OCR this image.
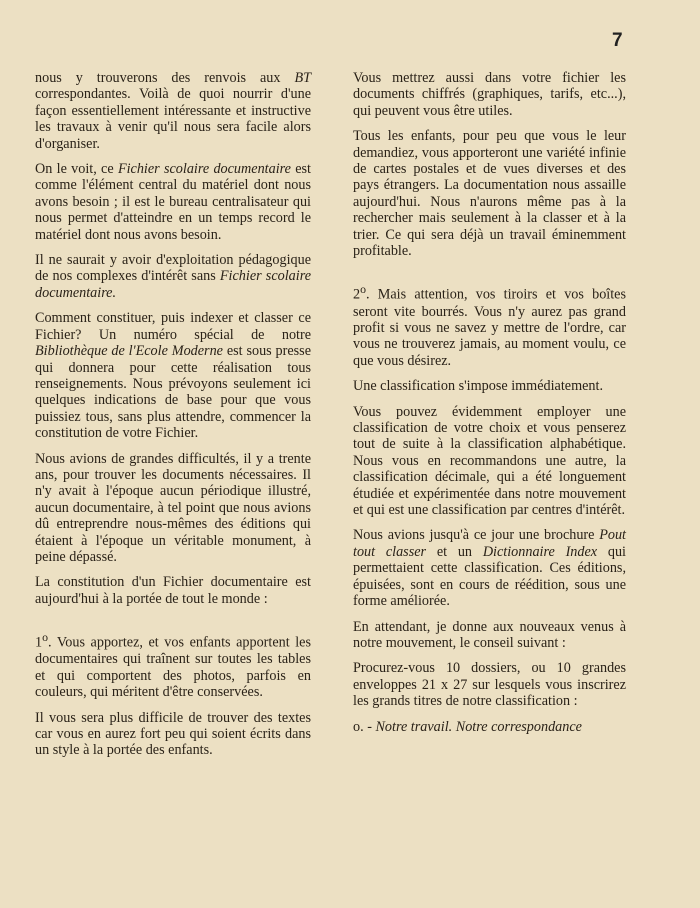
7

nous y trouverons des renvois aux BT correspondantes. Voilà de quoi nourrir d'une façon essentiellement intéressante et instructive les travaux à venir qu'il nous sera facile alors d'organiser.

On le voit, ce Fichier scolaire documentaire est comme l'élément central du matériel dont nous avons besoin ; il est le bureau centralisateur qui nous permet d'atteindre en un temps record le matériel dont nous avons besoin.

Il ne saurait y avoir d'exploitation pédagogique de nos complexes d'intérêt sans Fichier scolaire documentaire.

Comment constituer, puis indexer et classer ce Fichier? Un numéro spécial de notre Bibliothèque de l'Ecole Moderne est sous presse qui donnera pour cette réalisation tous renseignements. Nous prévoyons seulement ici quelques indications de base pour que vous puissiez tous, sans plus attendre, commencer la constitution de votre Fichier.

Nous avions de grandes difficultés, il y a trente ans, pour trouver les documents nécessaires. Il n'y avait à l'époque aucun périodique illustré, aucun documentaire, à tel point que nous avions dû entreprendre nous-mêmes des éditions qui étaient à l'époque un véritable monument, à peine dépassé.

La constitution d'un Fichier documentaire est aujourd'hui à la portée de tout le monde :

1$^o$. Vous apportez, et vos enfants apportent les documentaires qui traînent sur toutes les tables et qui comportent des photos, parfois en couleurs, qui méritent d'être conservées.

Il vous sera plus difficile de trouver des textes car vous en aurez fort peu qui soient écrits dans un style à la portée des enfants.

Vous mettrez aussi dans votre fichier les documents chiffrés (graphiques, tarifs, etc...), qui peuvent vous être utiles.

Tous les enfants, pour peu que vous le leur demandiez, vous apporteront une variété infinie de cartes postales et de vues diverses et des pays étrangers. La documentation nous assaille aujourd'hui. Nous n'aurons même pas à la rechercher mais seulement à la classer et à la trier. Ce qui sera déjà un travail éminemment profitable.

2$^o$. Mais attention, vos tiroirs et vos boîtes seront vite bourrés. Vous n'y aurez pas grand profit si vous ne savez y mettre de l'ordre, car vous ne trouverez jamais, au moment voulu, ce que vous désirez.

Une classification s'impose immédiatement.

Vous pouvez évidemment employer une classification de votre choix et vous penserez tout de suite à la classification alphabétique. Nous vous en recommandons une autre, la classification décimale, qui a été longuement étudiée et expérimentée dans notre mouvement et qui est une classification par centres d'intérêt.

Nous avions jusqu'à ce jour une brochure Pout tout classer et un Dictionnaire Index qui permettaient cette classification. Ces éditions, épuisées, sont en cours de réédition, sous une forme améliorée.

En attendant, je donne aux nouveaux venus à notre mouvement, le conseil suivant :

Procurez-vous 10 dossiers, ou 10 grandes enveloppes 21 x 27 sur lesquels vous inscrirez les grands titres de notre classification :

o. - Notre travail. Notre correspondance
